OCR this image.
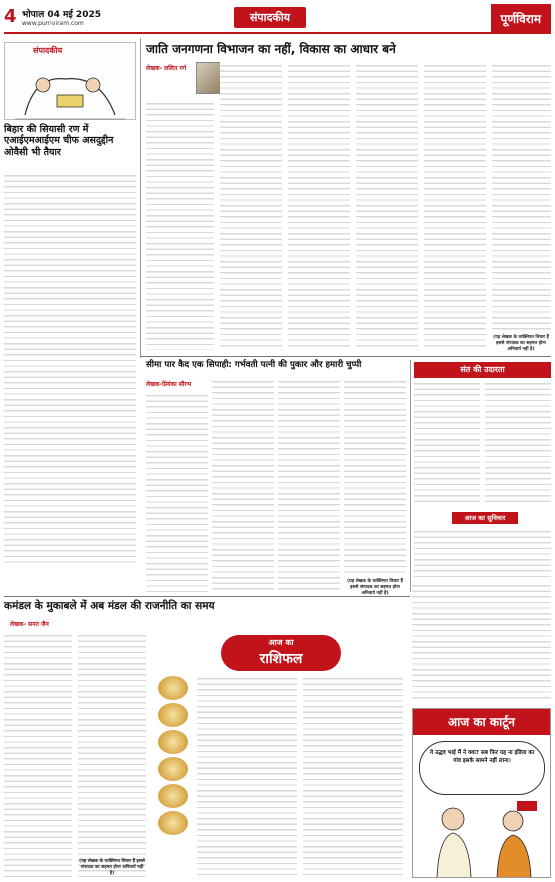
4 भोपाल 04 मई 2025
www.purnviram.com	संपादकीय	पूर्णविराम
संपादकीय
बिहार की सियासी रण में एआईएमआईएम चीफ असदुद्दीन ओवैसी भी तैयार
जाति जनगणना विभाजन का नहीं, विकास का आधार बने
लेखक- ललित गर्ग
(यह लेखक के व्यक्तिगत विचार हैं इससे संपादक का सहमत होना अनिवार्य नहीं है)
सीमा पार कैद एक सिपाही: गर्भवती पत्नी की पुकार और हमारी चुप्पी
लेखक-प्रियंका सौरभ
(यह लेखक के व्यक्तिगत विचार हैं इससे संपादक का सहमत होना अनिवार्य नहीं है)
संत की उदारता
आज का सुविचार
कमंडल के मुकाबले में अब मंडल की राजनीति का समय
लेखक- सनत जैन
(यह लेखक के व्यक्तिगत विचार हैं इससे संपादक का सहमत होना अनिवार्य नहीं है)
आज का
राशिफल
आज का कार्टून
ये उद्धव भाई मैं ने क्या? सब फिर यह ना इंडिया का गांव इसके सामने नहीं लाना।
